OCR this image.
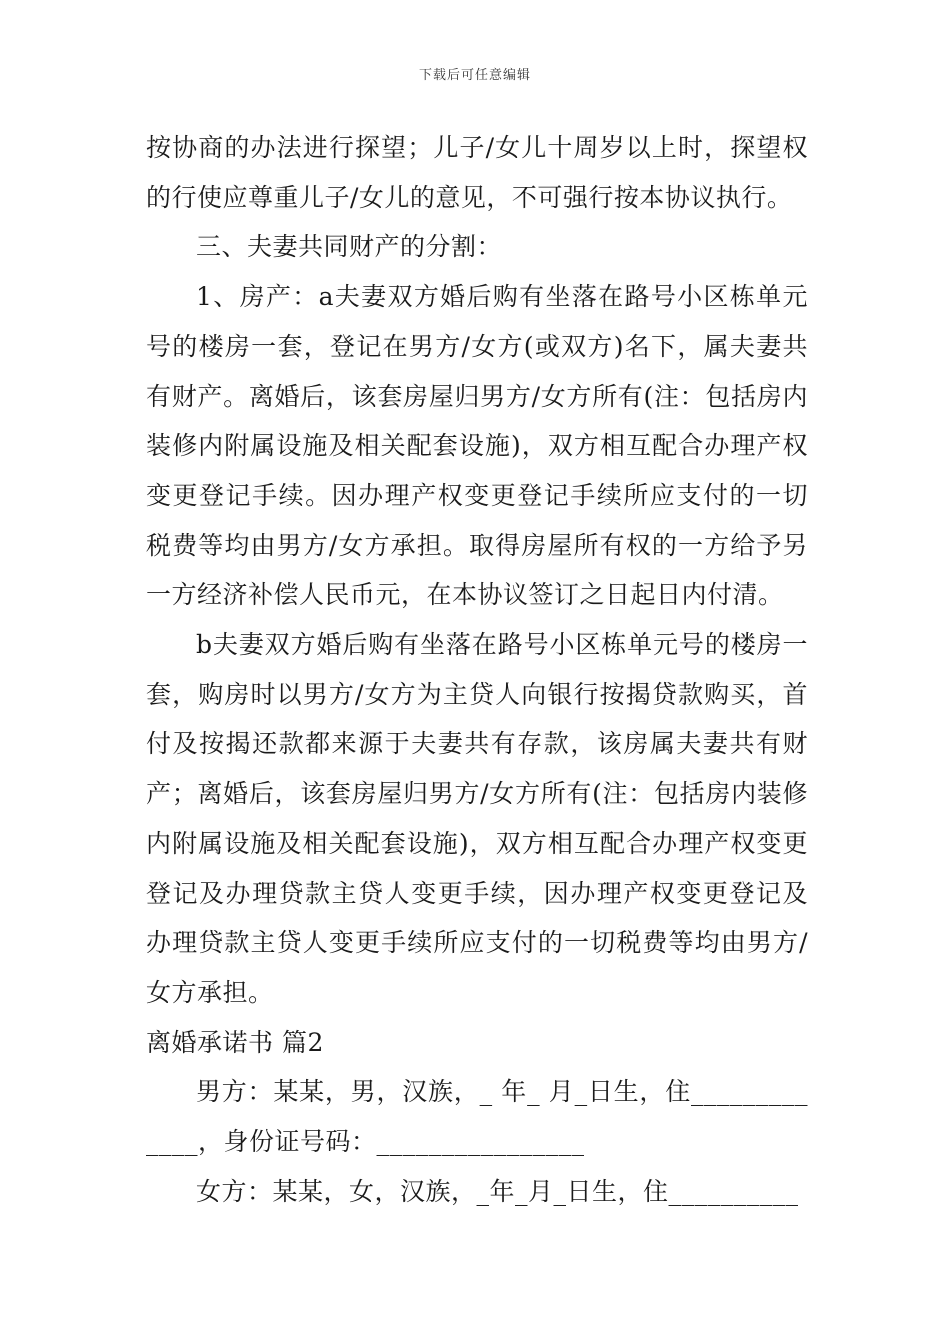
下载后可任意编辑

按协商的办法进行探望；儿子/女儿十周岁以上时，探望权的行使应尊重儿子/女儿的意见，不可强行按本协议执行。

三、夫妻共同财产的分割：

1、房产：a夫妻双方婚后购有坐落在路号小区栋单元号的楼房一套，登记在男方/女方(或双方)名下，属夫妻共有财产。离婚后，该套房屋归男方/女方所有(注：包括房内装修内附属设施及相关配套设施)，双方相互配合办理产权变更登记手续。因办理产权变更登记手续所应支付的一切税费等均由男方/女方承担。取得房屋所有权的一方给予另一方经济补偿人民币元，在本协议签订之日起日内付清。

b夫妻双方婚后购有坐落在路号小区栋单元号的楼房一套，购房时以男方/女方为主贷人向银行按揭贷款购买，首付及按揭还款都来源于夫妻共有存款，该房属夫妻共有财产；离婚后，该套房屋归男方/女方所有(注：包括房内装修内附属设施及相关配套设施)，双方相互配合办理产权变更登记及办理贷款主贷人变更手续，因办理产权变更登记及办理贷款主贷人变更手续所应支付的一切税费等均由男方/女方承担。

离婚承诺书 篇2

男方：某某，男，汉族，_ 年_ 月_日生，住_____________，身份证号码：________________

女方：某某，女，汉族，_年_月_日生，住__________
